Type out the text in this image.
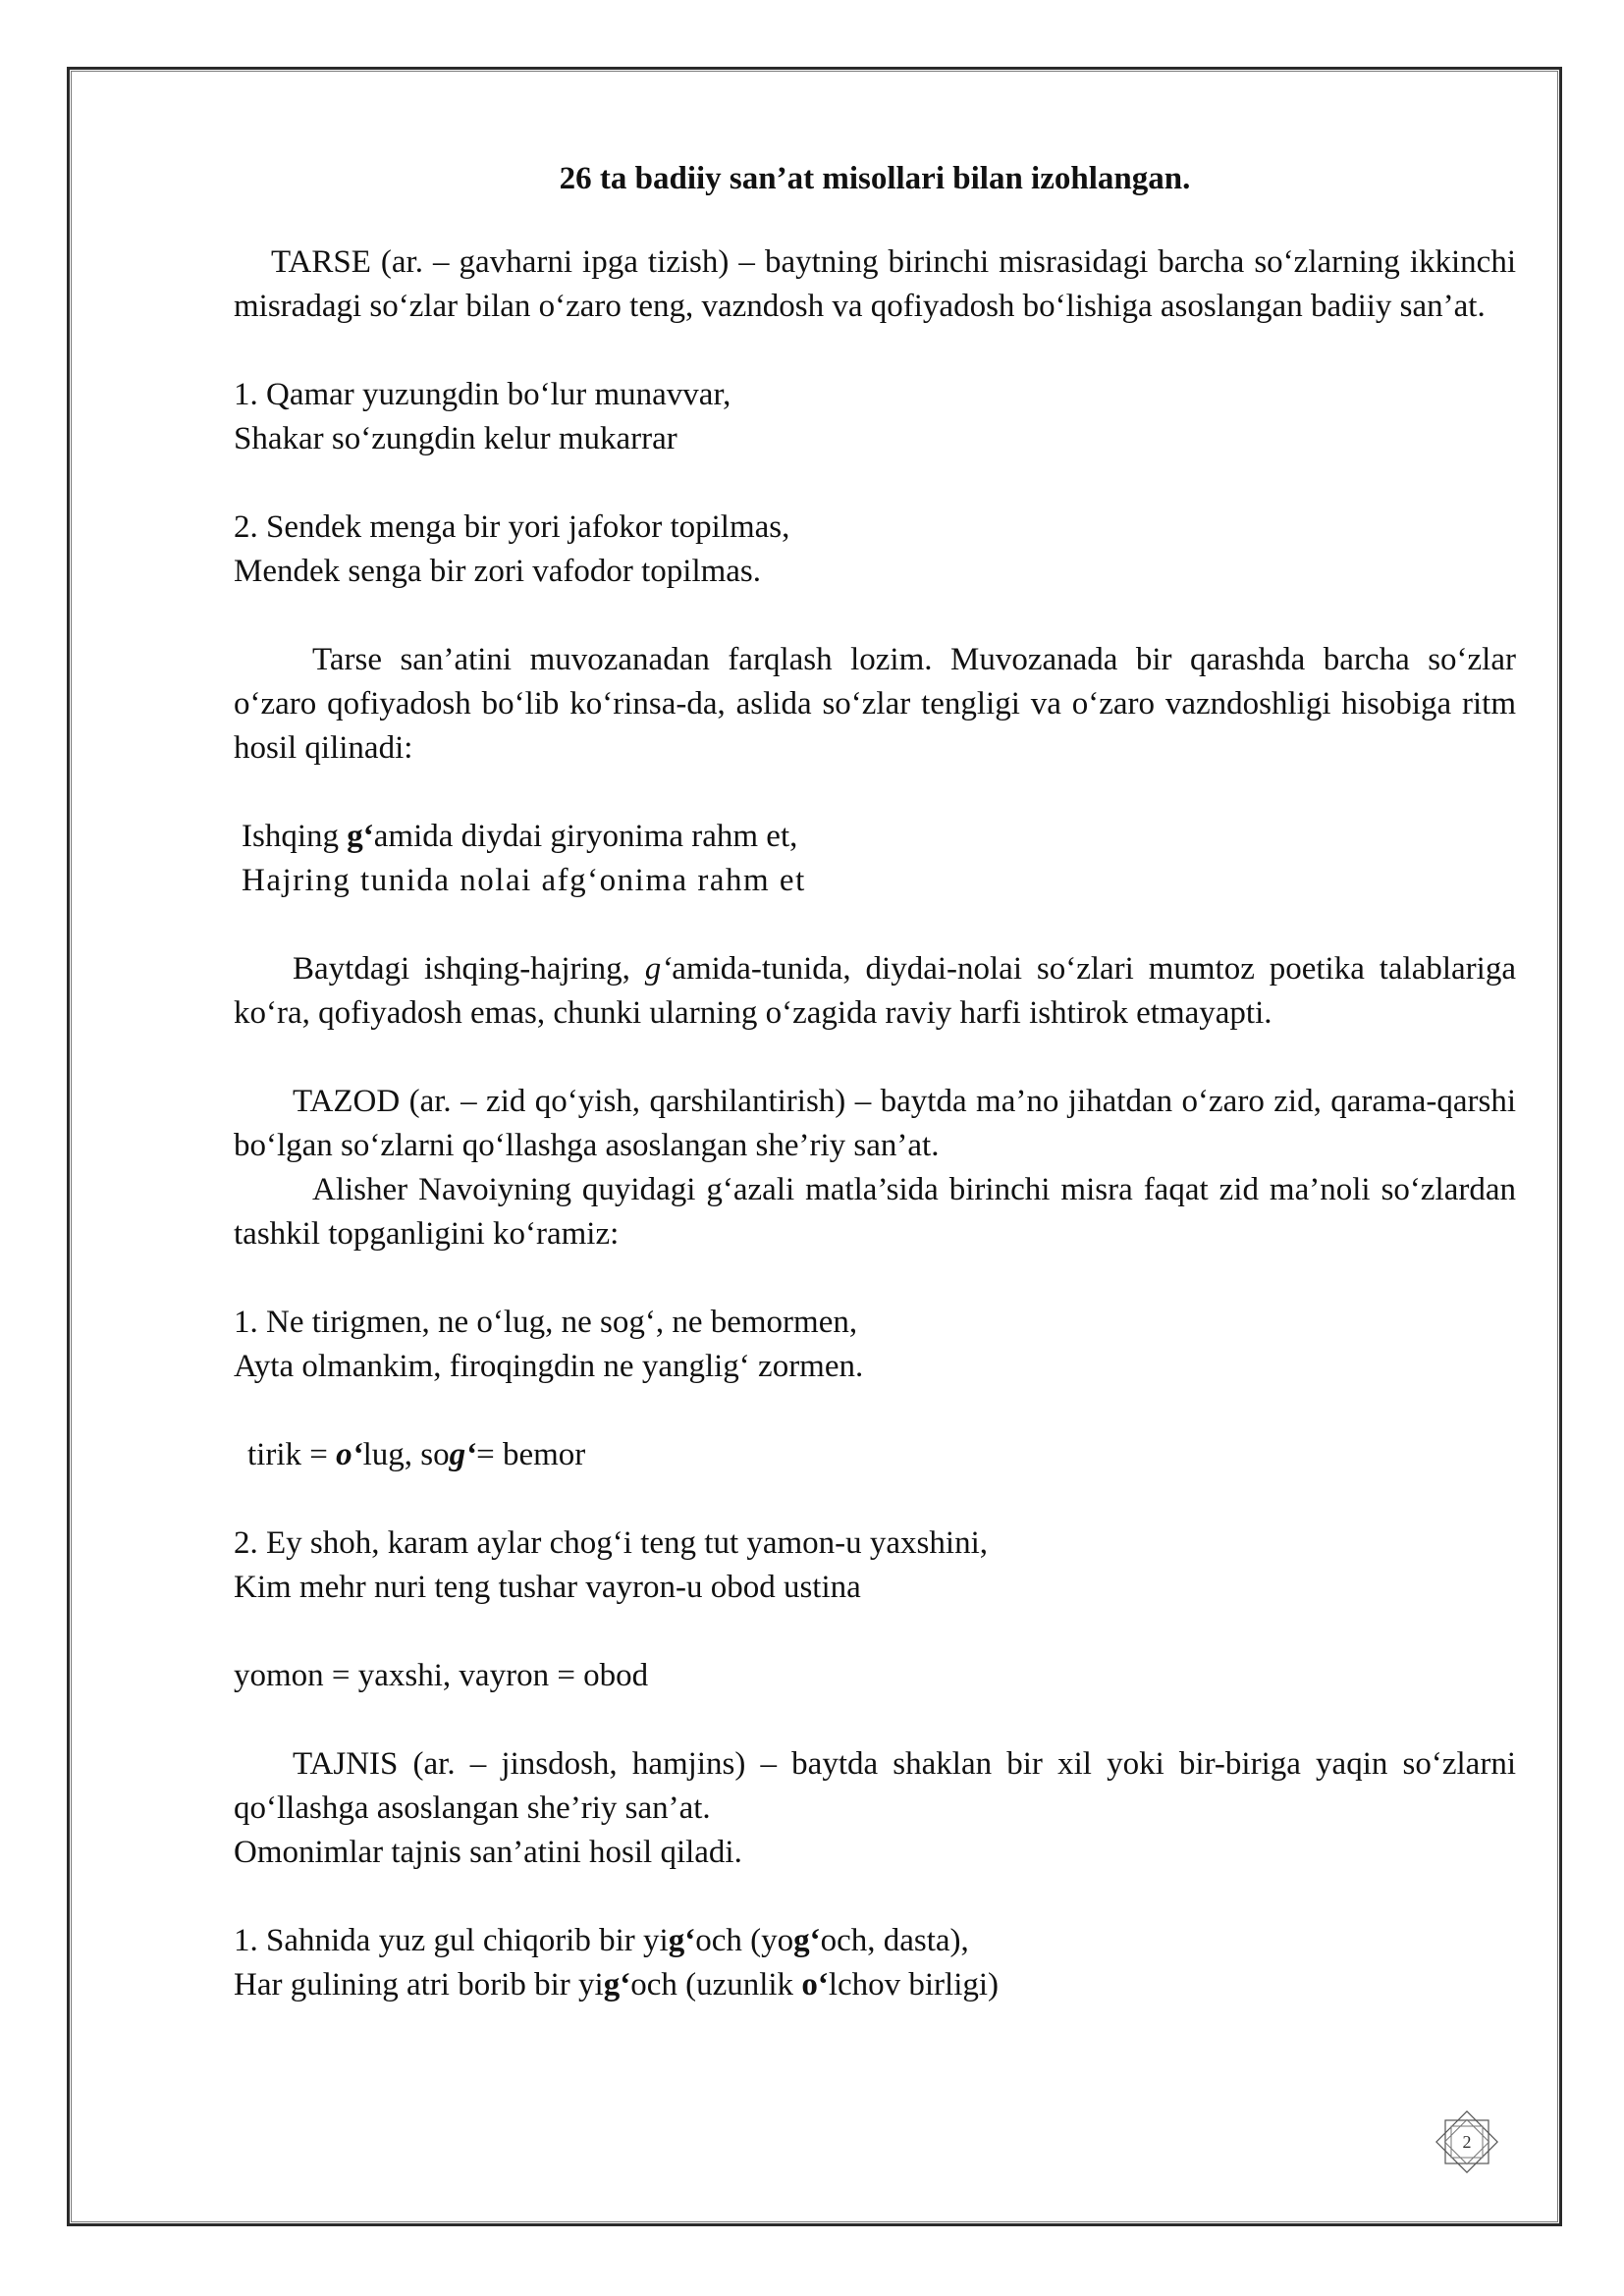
26 ta badiiy san’at misollari bilan izohlangan.

TARSE (ar. – gavharni ipga tizish) – baytning birinchi misrasidagi barcha so‘zlarning ikkinchi misradagi so‘zlar bilan o‘zaro teng, vazndosh va qofiyadosh bo‘lishiga asoslangan badiiy san’at.

1. Qamar yuzungdin bo‘lur munavvar,

Shakar so‘zungdin kelur mukarrar

2. Sendek menga bir yori jafokor topilmas,

Mendek senga bir zori vafodor topilmas.

Tarse san’atini muvozanadan farqlash lozim. Muvozanada bir qarashda barcha so‘zlar o‘zaro qofiyadosh bo‘lib ko‘rinsa-da, aslida so‘zlar tengligi va o‘zaro vazndoshligi hisobiga ritm hosil qilinadi:

Ishqing g‘amida diydai giryonima rahm et,

Hajring tunida nolai afg‘onima rahm et

Baytdagi ishqing-hajring, g‘amida-tunida, diydai-nolai so‘zlari mumtoz poetika talablariga ko‘ra, qofiyadosh emas, chunki ularning o‘zagida raviy harfi ishtirok etmayapti.

TAZOD (ar. – zid qo‘yish, qarshilantirish) – baytda ma’no jihatdan o‘zaro zid, qarama-qarshi bo‘lgan so‘zlarni qo‘llashga asoslangan she’riy san’at.

Alisher Navoiyning quyidagi g‘azali matla’sida birinchi misra faqat zid ma’noli so‘zlardan tashkil topganligini ko‘ramiz:

1. Ne tirigmen, ne o‘lug, ne sog‘, ne bemormen,

Ayta olmankim, firoqingdin ne yanglig‘ zormen.

tirik = o‘lug, sog‘= bemor

2. Ey shoh, karam aylar chog‘i teng tut yamon-u yaxshini,

Kim mehr nuri teng tushar vayron-u obod ustina

yomon = yaxshi, vayron = obod

TAJNIS (ar. – jinsdosh, hamjins) – baytda shaklan bir xil yoki bir-biriga yaqin so‘zlarni qo‘llashga asoslangan she’riy san’at.

Omonimlar tajnis san’atini hosil qiladi.

1. Sahnida yuz gul chiqorib bir yig‘och (yog‘och, dasta),

Har gulining atri borib bir yig‘och (uzunlik o‘lchov birligi)

2
